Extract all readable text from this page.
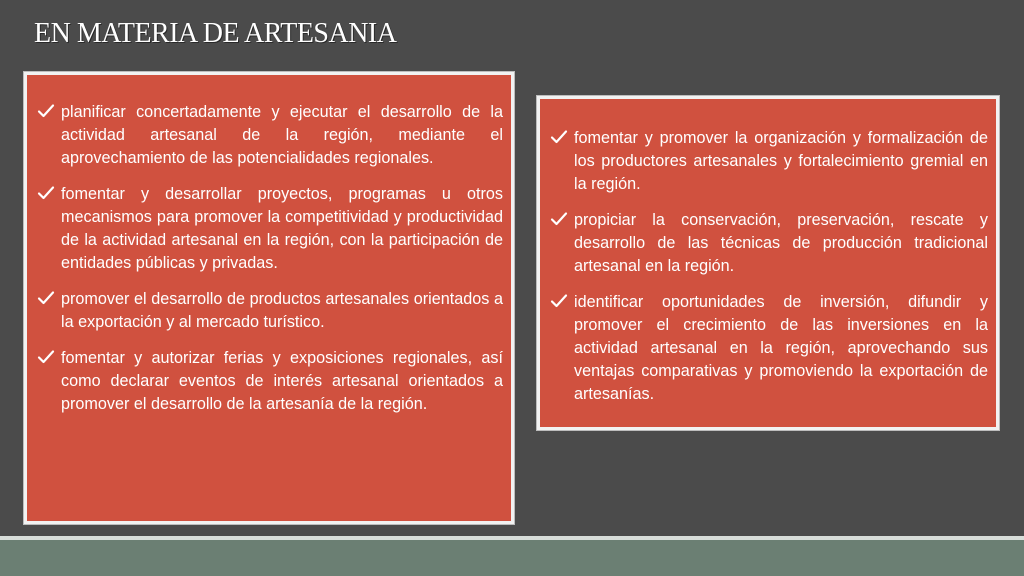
EN MATERIA DE ARTESANIA
planificar concertadamente y ejecutar el desarrollo de la actividad artesanal de la región, mediante el aprovechamiento de las potencialidades regionales.
fomentar y desarrollar proyectos, programas u otros mecanismos para promover la competitividad y productividad de la actividad artesanal en la región, con la participación de entidades públicas y privadas.
promover el desarrollo de productos artesanales orientados a la exportación y al mercado turístico.
fomentar y autorizar ferias y exposiciones regionales, así como declarar eventos de interés artesanal orientados a promover el desarrollo de la artesanía de la región.
fomentar y promover la organización y formalización de los productores artesanales y fortalecimiento gremial en la región.
propiciar la conservación, preservación, rescate y desarrollo de las técnicas de producción tradicional artesanal en la región.
identificar oportunidades de inversión, difundir y promover el crecimiento de las inversiones en la actividad artesanal en la región, aprovechando sus ventajas comparativas y promoviendo la exportación de artesanías.
